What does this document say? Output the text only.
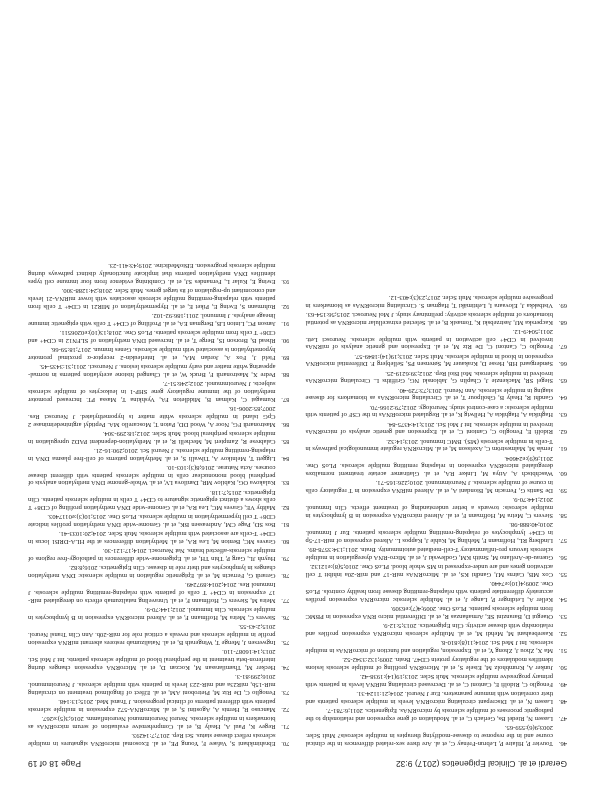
Gerardi et al. Clinical Epigenetics (2017) 9:32
Page 18 of 19
46.
Touvier P, Hilaire P, Lebrun-Frénay C, et al. Are there sex-related differences in the clinical course and in the response to disease-modifying therapies in multiple sclerosis? Mult Scler. 2003;9(6):559-65.
47.
Lassen N, Riedel Bs, Gerlach C, et al. Modulation of gene expression and relationship to the pathogenic processes of multiple sclerosis by microRNAs. Epigenetics. 2011;6:781-7.
48.
Lassen N, et al. Discrepant circulating microRNA levels in multiple sclerosis patients and their correlation with immune parameters. Eur J Neurol. 2014;21:1124-31.
49.
Fenoglio C, Ridolfi E, Cantoni C, et al. Decreased circulating miRNA levels in patients with primary progressive multiple sclerosis. Mult Scler. 2013;19(14):1938-42.
50.
Junker A, Krumbholz M, Eisele S, et al. MicroRNA profiling of multiple sclerosis lesions identifies modulators of the regulatory protein CD47. Brain. 2009;132:3342-52.
51.
Ma X, Zhou J, Zhong Y, et al. Expression, regulation and function of microRNAs in multiple sclerosis. Int J Med Sci. 2014;11(8):810-8.
52.
Kasrebeahani M, Mehdi M, et al. Multiple sclerosis microRNA expression profiles and relationship with disease activity. Clin Epigenetics. 2013;5:12-9.
53.
Otaegui D, Baranzini SE, Armañanzas R, et al. Differential micro RNA expression in PBMC from multiple sclerosis patients. PLoS One. 2009;4(7):e6309.
54.
Keller A, Leidinger P, Lange J, et al. Multiple sclerosis: microRNA expression profiles accurately differentiate patients with relapsing-remitting disease from healthy controls. PLoS One. 2009;4(10):e7440.
55.
Cox MB, Cairns MJ, Gandhi KS, et al. MicroRNAs miR-17 and miR-20a inhibit T cell activation genes and are under-expressed in MS whole blood. PLoS One. 2010;5(8):e12132.
56.
Guerau-de-Arellano M, Smith KM, Godlewski J, et al. Micro-RNA dysregulation in multiple sclerosis favours pro-inflammatory T-cell-mediated autoimmunity. Brain. 2011;134:3578-89.
57.
Lindberg RL, Hoffmann F, Mehling M, Kuhle J, Kappos L. Altered expression of miR-17-5p in CD4+ lymphocytes of relapsing-remitting multiple sclerosis patients. Eur J Immunol. 2010;40:888-98.
58.
Sievers C, Meira M, Hoffmann F, et al. Altered microRNA expression in B lymphocytes in multiple sclerosis: towards a better understanding of treatment effects. Clin Immunol. 2012;144:70-9.
59.
De Santis G, Ferracin M, Biondani A, et al. Altered miRNA expression in T regulatory cells in course of multiple sclerosis. J Neuroimmunol. 2010;226:165-71.
60.
Waschbisch A, Atiya M, Linker RA, et al. Glatiramer acetate treatment normalizes deregulated microRNA expression in relapsing remitting multiple sclerosis. PLoS One. 2011;6(9):e24604.
61.
Jernås M, Malmeström C, Axelsson M, et al. MicroRNA regulate immunological pathways in T-cells in multiple sclerosis (MS). BMC Immunol. 2013;14:32.
62.
Ridolfi E, Fenoglio C, Cantoni C, et al. Expression and genetic analysis of microRNAs involved in multiple sclerosis. Int J Mol Sci. 2013;14:4375-84.
63.
Haghikia A, Haghikia A, Hellwig K, et al. Regulated microRNAs in the CSF of patients with multiple sclerosis: a case-control study. Neurology. 2012;79:2166-70.
64.
Gandhi R, Healy B, Gholipour T, et al. Circulating microRNAs as biomarkers for disease staging in multiple sclerosis. Ann Neurol. 2013;73:729-40.
65.
Siegel SR, Mackenzie J, Chaplin G, Jablonski NG, Griffiths L. Circulating microRNAs involved in multiple sclerosis. Mol Biol Rep. 2012;39:6219-25.
66.
Søndergaard HB, Hesse D, Krakauer M, Sørensen PS, Sellebjerg F. Differential microRNA expression in blood in multiple sclerosis. Mult Scler. 2013;19(14):1849-57.
67.
Fenoglio C, Cantoni C, De Riz M, et al. Expression and genetic analysis of miRNAs involved in CD4+ cell activation in patients with multiple sclerosis. Neurosci Lett. 2011;504:9-12.
68.
Kacperska MJ, Jastrzebski K, Tomasik B, et al. Selected extracellular microRNA as potential biomarkers of multiple sclerosis activity: preliminary study. J Mol Neurosci. 2015;56:154-63.
69.
Vistbakka J, Elovaara I, Lehtimäki T, Hagman S. Circulating microRNAs as biomarkers in progressive multiple sclerosis. Mult Scler. 2017;23(3):403-12.
70.
Ebrahimkhani S, Vafaee F, Young PE, et al. Exosomal microRNA signatures in multiple sclerosis reflect disease status. Sci Rep. 2017;7:14293.
71.
Regev K, Paul A, Healy B, et al. Comprehensive evaluation of serum microRNAs as biomarkers in multiple sclerosis. Neurol Neuroimmunol Neuroinflamm. 2016;3(5):e267.
72.
Mancuso R, Hernis A, Agostini S, et al. MicroRNA-572 expression in multiple sclerosis patients with different patterns of clinical progression. J Transl Med. 2015;13:148.
73.
Fenoglio C, De Riz M, Pietroboni AM, et al. Effect of fingolimod treatment on circulating miR-15b, miR23a and miR-223 levels in patients with multiple sclerosis. J Neuroimmunol. 2016;299:81-3.
74.
Hecker M, Thamilarasan M, Koczan D, et al. MicroRNA expression changes during interferon-beta treatment in the peripheral blood of multiple sclerosis patients. Int J Mol Sci. 2013;14:16087-110.
75.
Ingwersen J, Menge T, Wingerath B, et al. Natalizumab restores aberrant miRNA expression profile in multiple sclerosis and reveals a critical role for miR-20b. Ann Clin Transl Neurol. 2015;2:43-55.
76.
Sievers C, Meira M, Hoffmann F, et al. Altered microRNA expression in B lymphocytes in multiple sclerosis. Clin Immunol. 2012;144:70-9.
77.
Meira M, Sievers C, Hoffmann F, et al. Unraveling natalizumab effects on deregulated miR-17 expression in CD4+ T cells of patients with relapsing-remitting multiple sclerosis. J Immunol Res. 2014;2014:897249.
78.
Gerardi G, Ferracin M, et al. Epigenetic regulation in multiple sclerosis: DNA methylation changes in lymphocytes and their role in disease. Clin Epigenetics. 2016;8:82.
79.
Huynh JL, Garg P, Thin TH, et al. Epigenome-wide differences in pathology-free regions of multiple sclerosis-affected brains. Nat Neurosci. 2014;17:121-30.
80.
Graves MC, Benton M, Lea RA, et al. Methylation differences at the HLA-DRB1 locus in CD4+ T-cells are associated with multiple sclerosis. Mult Scler. 2014;20:1033-41.
81.
Bos SD, Page CM, Andreassen BK, et al. Genome-wide DNA methylation profiles indicate CD8+ T cell hypermethylation in multiple sclerosis. PLoS One. 2015;10(3):e0117403.
82.
Maltby VE, Graves MC, Lea RA, et al. Genome-wide DNA methylation profiling of CD8+ T cells shows a distinct epigenetic signature to CD4+ T cells in multiple sclerosis patients. Clin Epigenetics. 2015;7:118.
83.
Kulakova OG, Kabilov MR, Danilova LV, et al. Whole-genome DNA methylation analysis of peripheral blood mononuclear cells in multiple sclerosis patients with different disease courses. Acta Naturae. 2016;8(3):103-10.
84.
Liggett T, Melnikov A, Tilwalli S, et al. Methylation patterns of cell-free plasma DNA in relapsing-remitting multiple sclerosis. J Neurol Sci. 2010;290:16-21.
85.
Calabrese R, Zampieri M, Mechelli R, et al. Methylation-dependent PAD2 upregulation in multiple sclerosis peripheral blood. Mult Scler. 2012;18:299-304.
86.
Mastronardi FG, Noor A, Wood DD, Paton T, Moscarello MA. Peptidyl argininedeiminase 2 CpG island in multiple sclerosis white matter is hypomethylated. J Neurosci Res. 2007;85:2006-16.
87.
Kumagai C, Kalman B, Middleton FA, Vyshkina T, Massa PT. Increased promoter methylation of the immune regulatory gene SHP-1 in leukocytes of multiple sclerosis subjects. J Neuroimmunol. 2012;246:51-7.
88.
Pedre X, Mastronardi F, Bruck W, et al. Changed histone acetylation patterns in normal-appearing white matter and early multiple sclerosis lesions. J Neurosci. 2011;31:3435-45.
89.
Field J, Fox A, Jordan MA, et al. Interleukin-2 receptor-α proximal promoter hypomethylation is associated with multiple sclerosis. Genes Immun. 2017;18:59-66.
90.
Rhead B, Brorson IS, Berge T, et al. Increased DNA methylation of SLFN12 in CD4+ and CD8+ T cells from multiple sclerosis patients. PLoS One. 2018;13(10):e0206511.
91.
Janson PC, Linton LB, Bergman EA, et al. Profiling of CD4+ T cells with epigenetic immune lineage analysis. J Immunol. 2011;186:92-102.
92.
Ruhrmann S, Ewing E, Piket E, et al. Hypermethylation of MIR21 in CD4+ T cells from patients with relapsing-remitting multiple sclerosis associates with lower miRNA-21 levels and concomitant up-regulation of its target genes. Mult Scler. 2018;24:1288-300.
93.
Ewing E, Kular L, Fernandes SJ, et al. Combining evidence from four immune cell types identifies DNA methylation patterns that implicate functionally distinct pathways during multiple sclerosis progression. EBioMedicine. 2019;43:411-23.
